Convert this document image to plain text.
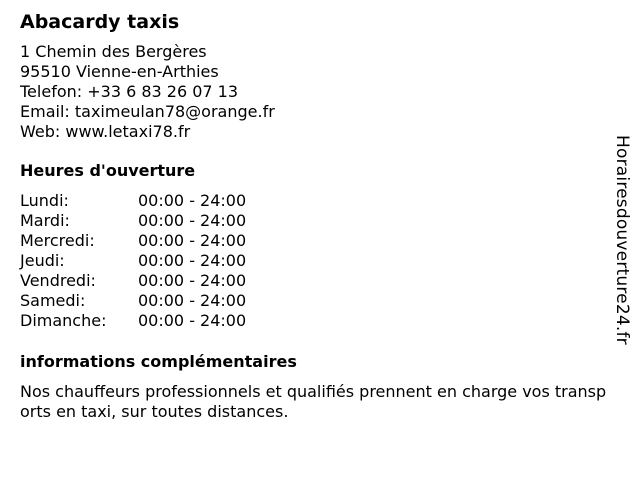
Abacardy taxis
1 Chemin des Bergères
95510 Vienne-en-Arthies
Telefon: +33 6 83 26 07 13
Email: taximeulan78@orange.fr
Web: www.letaxi78.fr
Heures d'ouverture
Lundi:	00:00 - 24:00
Mardi:	00:00 - 24:00
Mercredi:	00:00 - 24:00
Jeudi:	00:00 - 24:00
Vendredi:	00:00 - 24:00
Samedi:	00:00 - 24:00
Dimanche:	00:00 - 24:00
informations complémentaires
Nos chauffeurs professionnels et qualifiés prennent en charge vos transports en taxi, sur toutes distances.
Horairesdouverture24.fr
